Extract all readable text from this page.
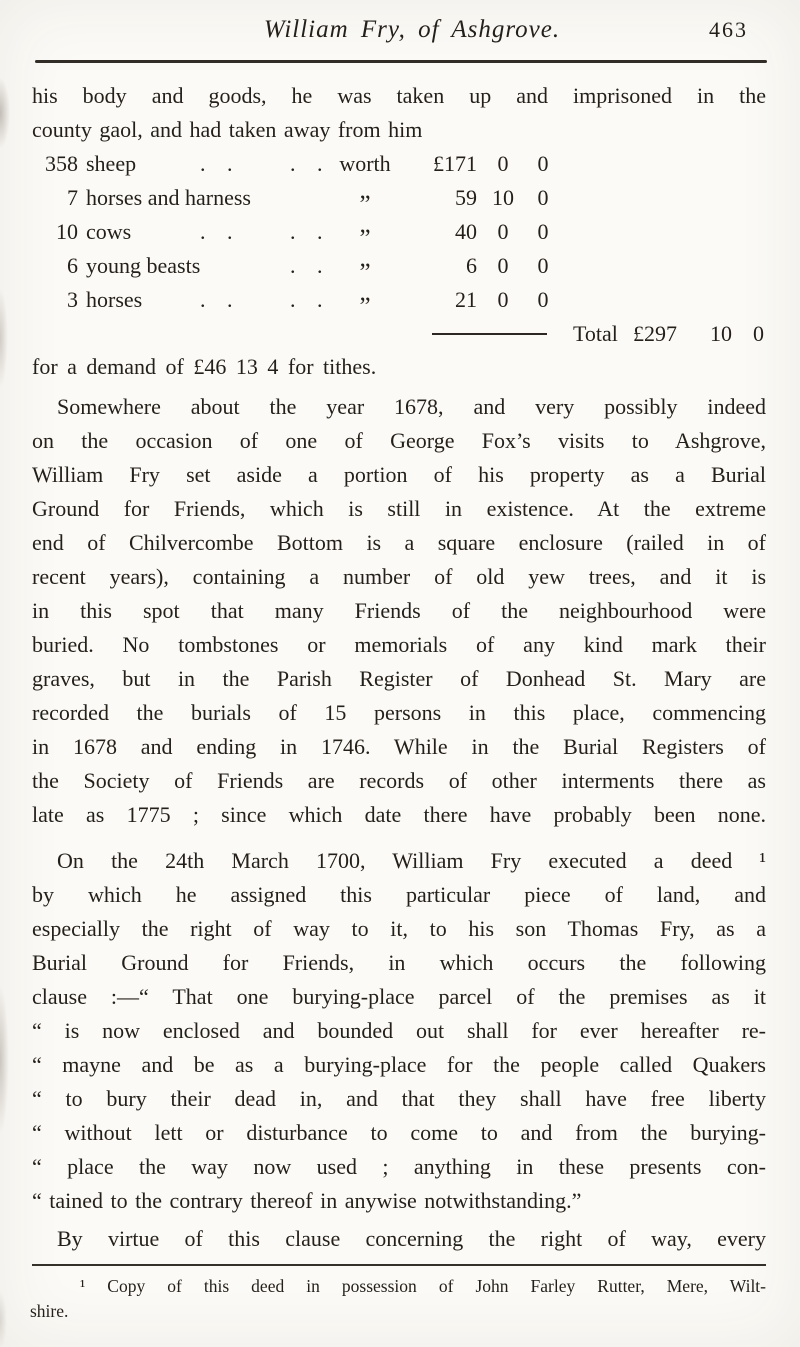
William Fry, of Ashgrove.	463
his body and goods, he was taken up and imprisoned in the
county gaol, and had taken away from him
358 sheep	. . . . worth	£171 0	0
7 horses and harness	„	59 10	0
10 cows	. . . .	„	40 0	0
6 young beasts	. .	„	6 0	0
3 horses	. . . .	„	21 0	0
Total £297 10 0
for a demand of £46 13 4 for tithes.
Somewhere about the year 1678, and very possibly indeed
on the occasion of one of George Fox’s visits to Ashgrove,
William Fry set aside a portion of his property as a Burial
Ground for Friends, which is still in existence. At the extreme
end of Chilvercombe Bottom is a square enclosure (railed in of
recent years), containing a number of old yew trees, and it is
in this spot that many Friends of the neighbourhood were
buried. No tombstones or memorials of any kind mark their
graves, but in the Parish Register of Donhead St. Mary are
recorded the burials of 15 persons in this place, commencing
in 1678 and ending in 1746. While in the Burial Registers of
the Society of Friends are records of other interments there as
late as 1775 ; since which date there have probably been none.
On the 24th March 1700, William Fry executed a deed ¹
by which he assigned this particular piece of land, and
especially the right of way to it, to his son Thomas Fry, as a
Burial Ground for Friends, in which occurs the following
clause :—“ That one burying-place parcel of the premises as it
“ is now enclosed and bounded out shall for ever hereafter re-
“ mayne and be as a burying-place for the people called Quakers
“ to bury their dead in, and that they shall have free liberty
“ without lett or disturbance to come to and from the burying-
“ place the way now used ; anything in these presents con-
“ tained to the contrary thereof in anywise notwithstanding.”
By virtue of this clause concerning the right of way, every
¹ Copy of this deed in possession of John Farley Rutter, Mere, Wilt-
shire.
